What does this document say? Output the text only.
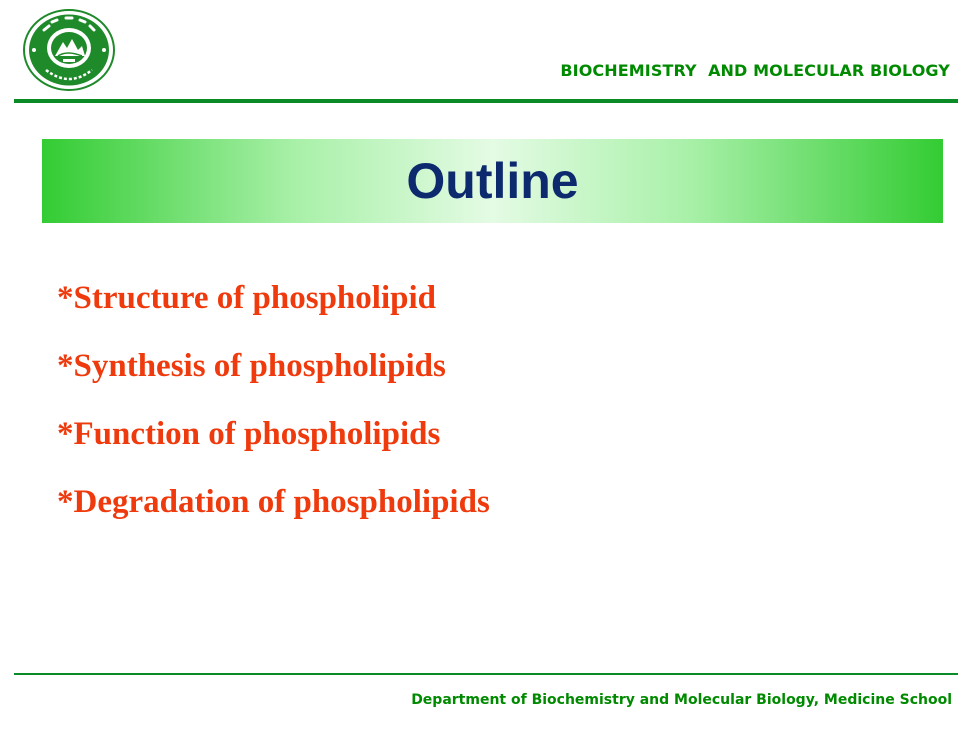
BIOCHEMISTRY  AND MOLECULAR BIOLOGY
Outline
*Structure of phospholipid
*Synthesis of phospholipids
*Function of phospholipids
*Degradation of phospholipids
Department of Biochemistry and Molecular Biology, Medicine School
